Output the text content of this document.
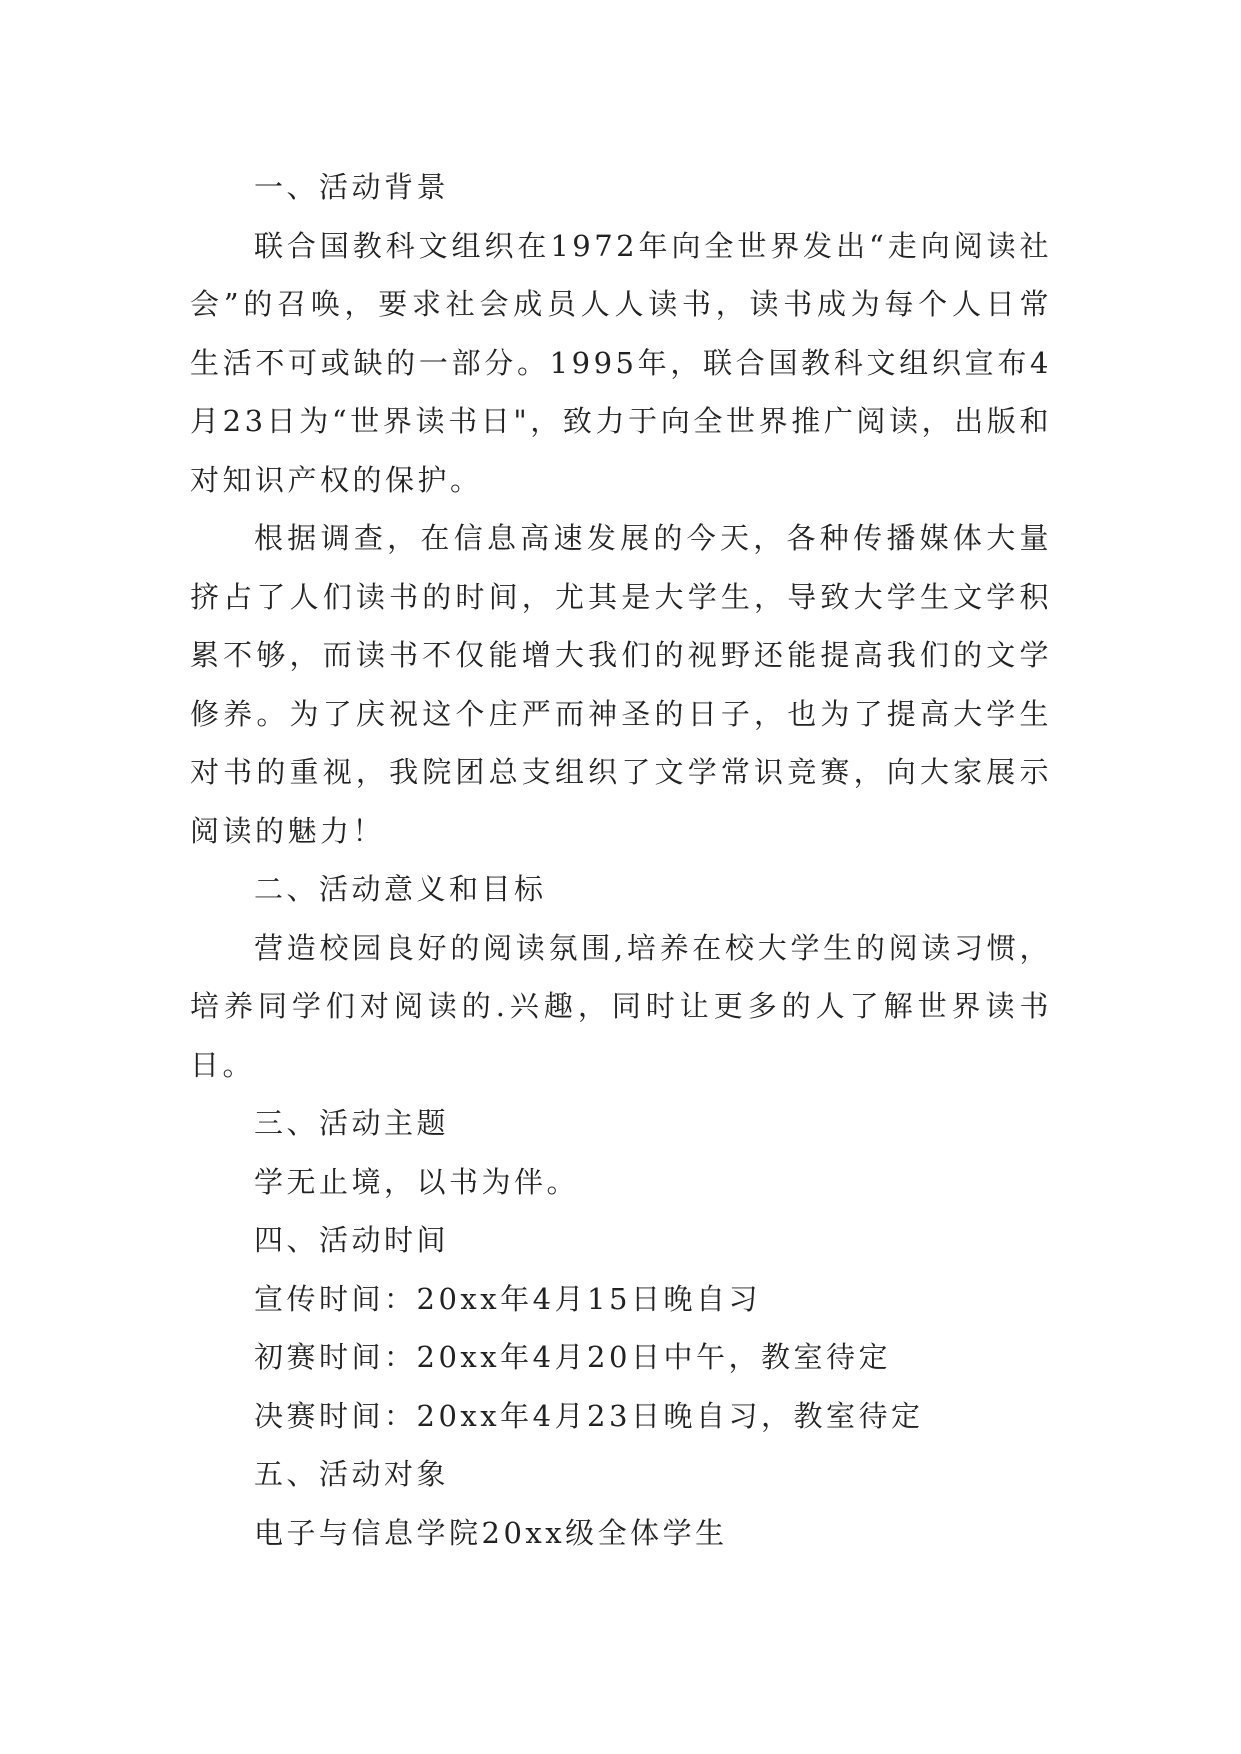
一、活动背景

联合国教科文组织在1972年向全世界发出“走向阅读社会”的召唤，要求社会成员人人读书，读书成为每个人日常生活不可或缺的一部分。1995年，联合国教科文组织宣布4月23日为“世界读书日"，致力于向全世界推广阅读，出版和对知识产权的保护。

根据调查，在信息高速发展的今天，各种传播媒体大量挤占了人们读书的时间，尤其是大学生，导致大学生文学积累不够，而读书不仅能增大我们的视野还能提高我们的文学修养。为了庆祝这个庄严而神圣的日子，也为了提高大学生对书的重视，我院团总支组织了文学常识竞赛，向大家展示阅读的魅力！

二、活动意义和目标

营造校园良好的阅读氛围,培养在校大学生的阅读习惯，培养同学们对阅读的.兴趣，同时让更多的人了解世界读书日。

三、活动主题

学无止境，以书为伴。

四、活动时间

宣传时间：20xx年4月15日晚自习

初赛时间：20xx年4月20日中午，教室待定

决赛时间：20xx年4月23日晚自习，教室待定

五、活动对象

电子与信息学院20xx级全体学生
